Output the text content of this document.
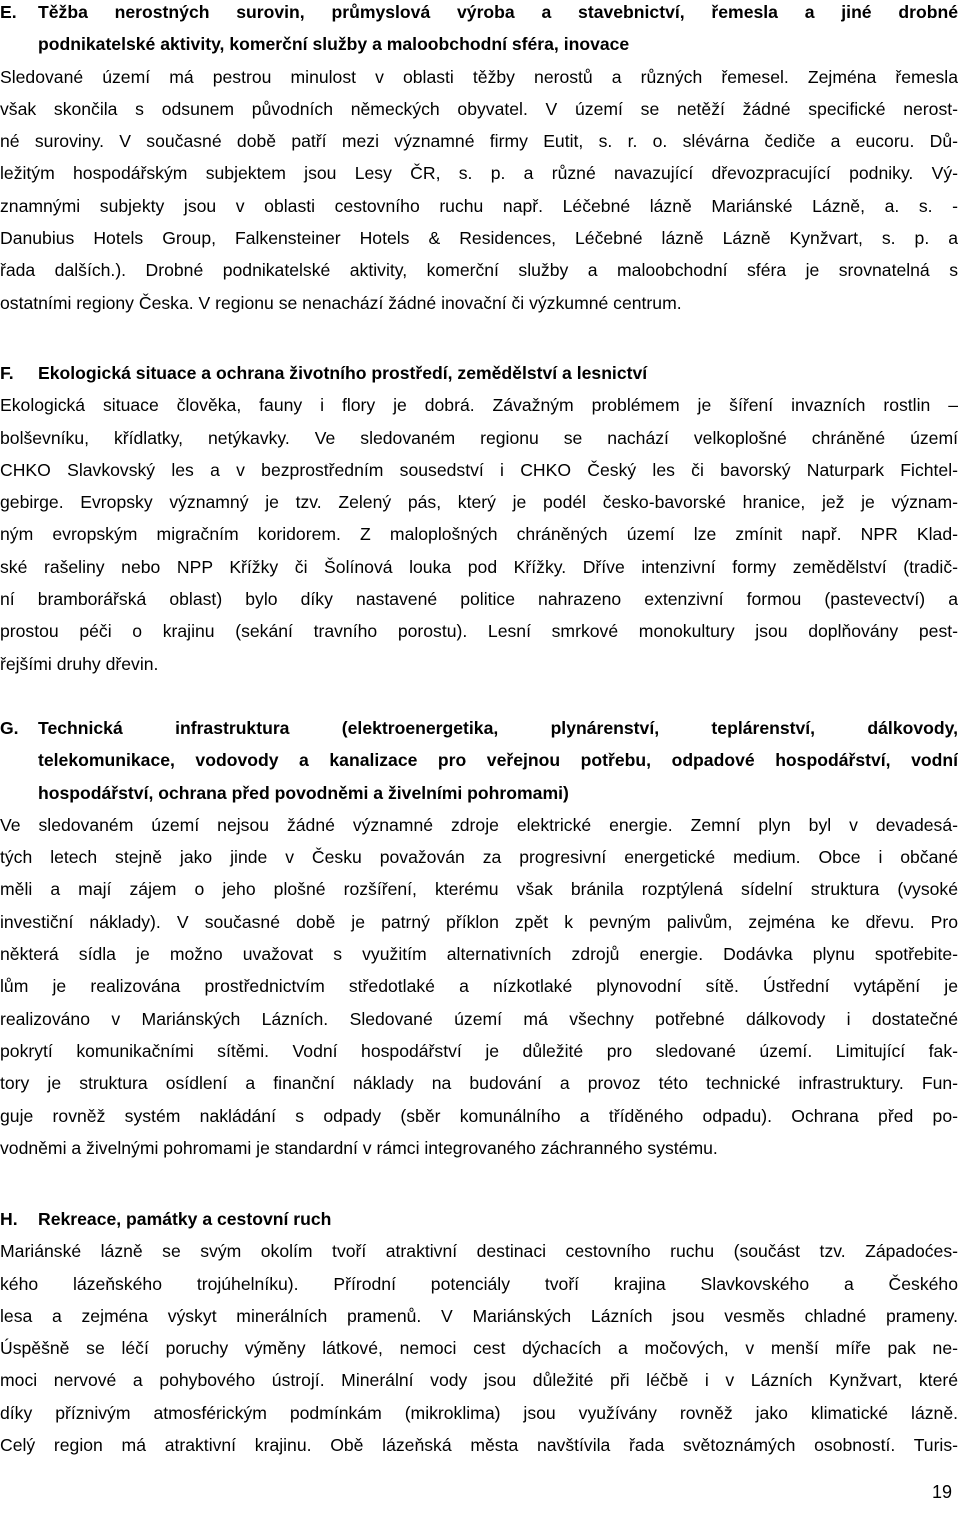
E. Těžba nerostných surovin, průmyslová výroba a stavebnictví, řemesla a jiné drobné
podnikatelské aktivity, komerční služby a maloobchodní sféra, inovace
Sledované území má pestrou minulost v oblasti těžby nerostů a různých řemesel. Zejména řemesla
však skončila s odsunem původních německých obyvatel. V území se netěží žádné specifické nerost-
né suroviny. V současné době patří mezi významné firmy Eutit, s. r. o. slévárna čediče a eucoru. Dů-
ležitým hospodářským subjektem jsou Lesy ČR, s. p. a různé navazující dřevozpracující podniky. Vý-
znamnými subjekty jsou v oblasti cestovního ruchu např. Léčebné lázně Mariánské Lázně, a. s. -
Danubius Hotels Group, Falkensteiner Hotels & Residences, Léčebné lázně Lázně Kynžvart, s. p. a
řada dalších.). Drobné podnikatelské aktivity, komerční služby a maloobchodní sféra je srovnatelná s
ostatními regiony Česka. V regionu se nenachází žádné inovační či výzkumné centrum.
F. Ekologická situace a ochrana životního prostředí, zemědělství a lesnictví
Ekologická situace člověka, fauny i flory je dobrá. Závažným problémem je šíření invazních rostlin –
bolševníku, křídlatky, netýkavky. Ve sledovaném regionu se nachází velkoplošné chráněné území
CHKO Slavkovský les a v bezprostředním sousedství i CHKO Český les či bavorský Naturpark Fichtel-
gebirge. Evropsky významný je tzv. Zelený pás, který je podél česko-bavorské hranice, jež je význam-
ným evropským migračním koridorem. Z maloplošných chráněných území lze zmínit např. NPR Klad-
ské rašeliny nebo NPP Křížky či Šolínová louka pod Křížky. Dříve intenzivní formy zemědělství (tradič-
ní bramborářská oblast) bylo díky nastavené politice nahrazeno extenzivní formou (pastevectví) a
prostou péči o krajinu (sekání travního porostu). Lesní smrkové monokultury jsou doplňovány pest-
řejšími druhy dřevin.
G. Technická infrastruktura (elektroenergetika, plynárenství, teplárenství, dálkovody,
telekomunikace, vodovody a kanalizace pro veřejnou potřebu, odpadové hospodářství, vodní
hospodářství, ochrana před povodněmi a živelními pohromami)
Ve sledovaném území nejsou žádné významné zdroje elektrické energie. Zemní plyn byl v devadesá-
tých letech stejně jako jinde v Česku považován za progresivní energetické medium. Obce i občané
měli a mají zájem o jeho plošné rozšíření, kterému však bránila rozptýlená sídelní struktura (vysoké
investiční náklady). V současné době je patrný příklon zpět k pevným palivům, zejména ke dřevu. Pro
některá sídla je možno uvažovat s využitím alternativních zdrojů energie. Dodávka plynu spotřebite-
lům je realizována prostřednictvím středotlaké a nízkotlaké plynovodní sítě. Ústřední vytápění je
realizováno v Mariánských Lázních. Sledované území má všechny potřebné dálkovody i dostatečné
pokrytí komunikačními sítěmi. Vodní hospodářství je důležité pro sledované území. Limitující fak-
tory je struktura osídlení a finanční náklady na budování a provoz této technické infrastruktury. Fun-
guje rovněž systém nakládání s odpady (sběr komunálního a tříděného odpadu). Ochrana před po-
vodněmi a živelnými pohromami je standardní v rámci integrovaného záchranného systému.
H. Rekreace, památky a cestovní ruch
Mariánské lázně se svým okolím tvoří atraktivní destinaci cestovního ruchu (součást tzv. Západoćes-
kého lázeňského trojúhelníku). Přírodní potenciály tvoří krajina Slavkovského a Českého
lesa a zejména výskyt minerálních pramenů. V Mariánských Lázních jsou vesměs chladné prameny.
Úspěšně se léčí poruchy výměny látkové, nemoci cest dýchacích a močových, v menší míře pak ne-
moci nervové a pohybového ústrojí. Minerální vody jsou důležité při léčbě i v Lázních Kynžvart, které
díky příznivým atmosférickým podmínkám (mikroklima) jsou využívány rovněž jako klimatické lázně.
Celý region má atraktivní krajinu. Obě lázeňská města navštívila řada světoznámých osobností. Turis-
19
